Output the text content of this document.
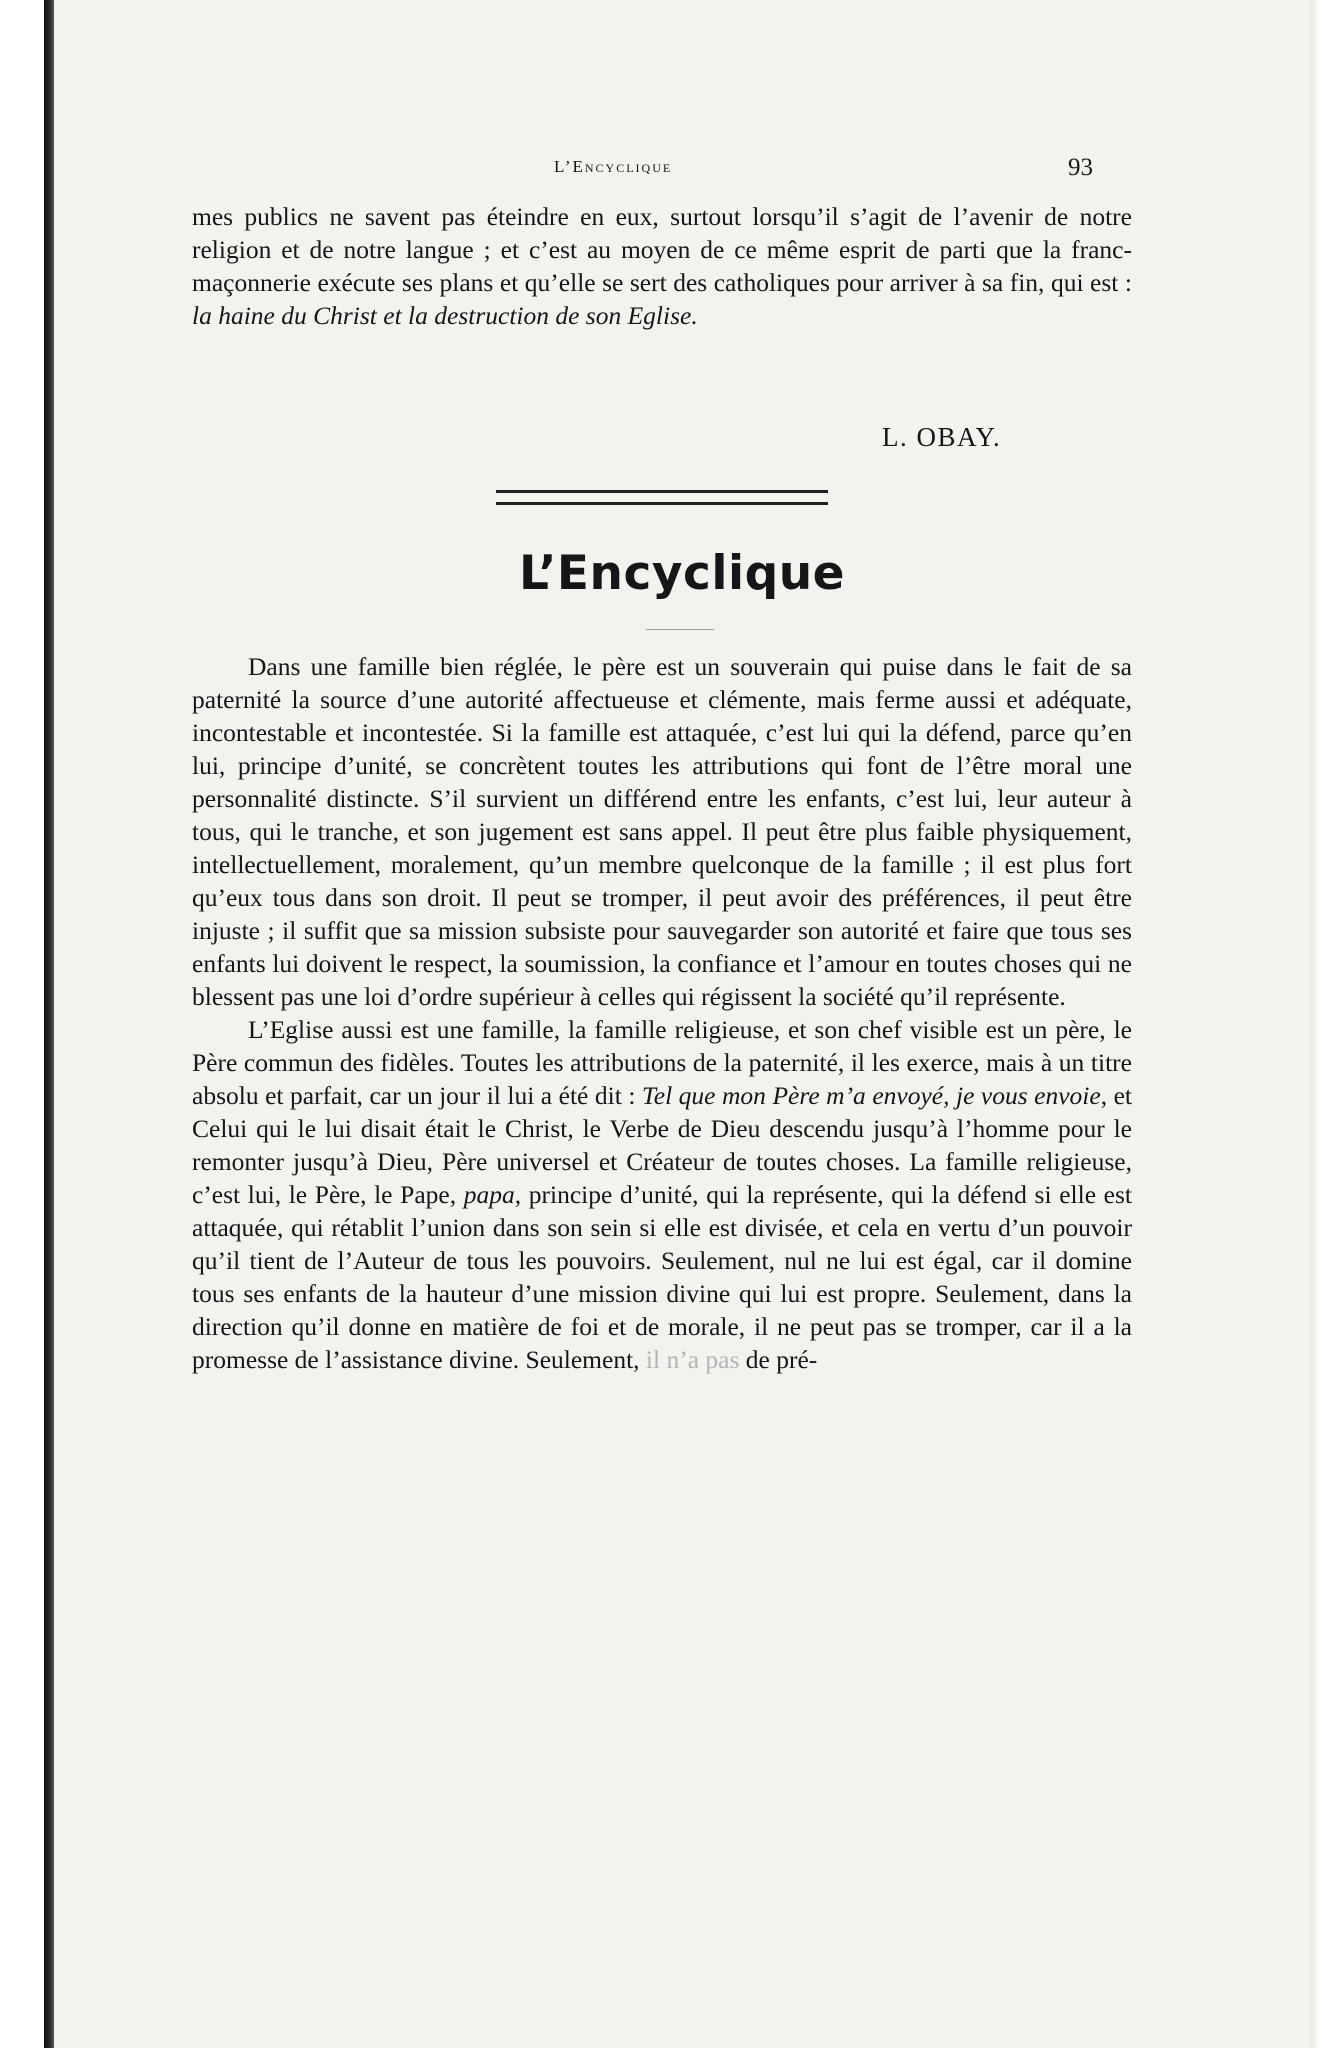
L’Encyclique	93

mes publics ne savent pas éteindre en eux, surtout lorsqu’il s’agit de l’avenir de notre religion et de notre langue ; et c’est au moyen de ce même esprit de parti que la franc-maçonnerie exécute ses plans et qu’elle se sert des catholiques pour arriver à sa fin, qui est : la haine du Christ et la destruction de son Eglise.

L. OBAY.
L’Encyclique

Dans une famille bien réglée, le père est un souverain qui puise dans le fait de sa paternité la source d’une autorité affectueuse et clémente, mais ferme aussi et adéquate, incontestable et incontestée. Si la famille est attaquée, c’est lui qui la défend, parce qu’en lui, principe d’unité, se concrètent toutes les attributions qui font de l’être moral une personnalité distincte. S’il survient un différend entre les enfants, c’est lui, leur auteur à tous, qui le tranche, et son jugement est sans appel. Il peut être plus faible physiquement, intellectuellement, moralement, qu’un membre quelconque de la famille ; il est plus fort qu’eux tous dans son droit. Il peut se tromper, il peut avoir des préférences, il peut être injuste ; il suffit que sa mission subsiste pour sauvegarder son autorité et faire que tous ses enfants lui doivent le respect, la soumission, la confiance et l’amour en toutes choses qui ne blessent pas une loi d’ordre supérieur à celles qui régissent la société qu’il représente.

L’Eglise aussi est une famille, la famille religieuse, et son chef visible est un père, le Père commun des fidèles. Toutes les attributions de la paternité, il les exerce, mais à un titre absolu et parfait, car un jour il lui a été dit : Tel que mon Père m’a envoyé, je vous envoie, et Celui qui le lui disait était le Christ, le Verbe de Dieu descendu jusqu’à l’homme pour le remonter jusqu’à Dieu, Père universel et Créateur de toutes choses. La famille religieuse, c’est lui, le Père, le Pape, papa, principe d’unité, qui la représente, qui la défend si elle est attaquée, qui rétablit l’union dans son sein si elle est divisée, et cela en vertu d’un pouvoir qu’il tient de l’Auteur de tous les pouvoirs. Seulement, nul ne lui est égal, car il domine tous ses enfants de la hauteur d’une mission divine qui lui est propre. Seulement, dans la direction qu’il donne en matière de foi et de morale, il ne peut pas se tromper, car il a la promesse de l’assistance divine. Seulement, il n’a pas de pré-
